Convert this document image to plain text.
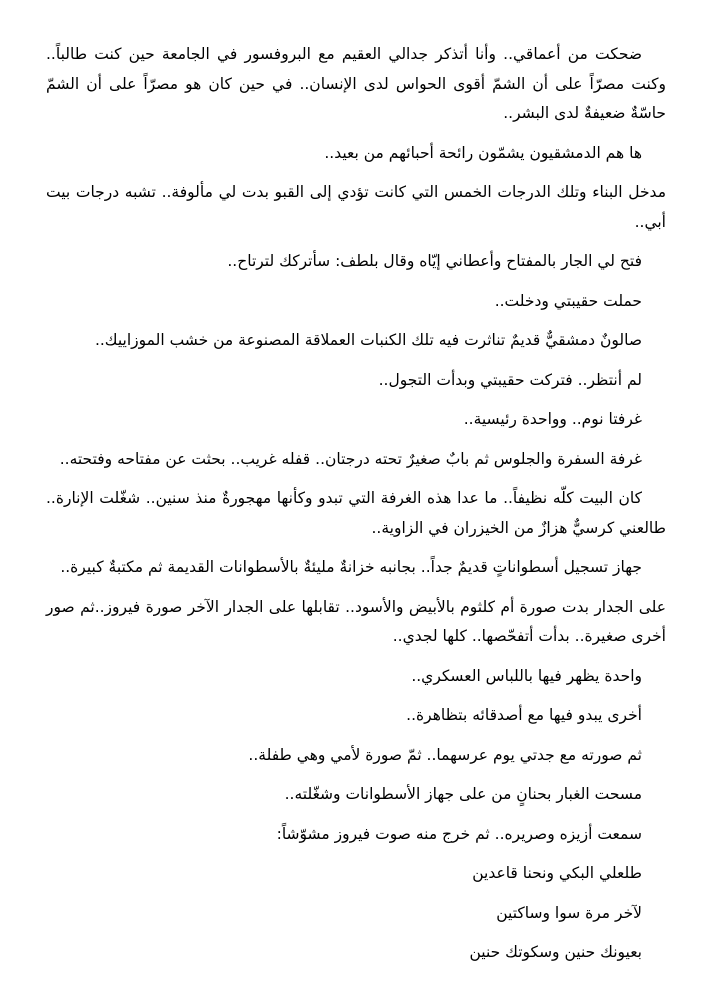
ضحكت من أعماقي.. وأنا أتذكر جدالي العقيم مع البروفسور في الجامعة حين كنت طالباً.. وكنت مصرّاً على أن الشمّ أقوى الحواس لدى الإنسان.. في حين كان هو مصرّاً على أن الشمّ حاسّةٌ ضعيفةٌ لدى البشر..

ها هم الدمشقيون يشمّون رائحة أحبائهم من بعيد..

مدخل البناء وتلك الدرجات الخمس التي كانت تؤدي إلى القبو بدت لي مألوفة.. تشبه درجات بيت أبي..

فتح لي الجار بالمفتاح وأعطاني إيّاه وقال بلطف: سأتركك لترتاح..

حملت حقيبتي ودخلت..

صالونٌ دمشقيٌّ قديمٌ تناثرت فيه تلك الكنبات العملاقة المصنوعة من خشب الموزاييك..

لم أنتظر.. فتركت حقيبتي وبدأت التجول..

غرفتا نوم.. وواحدة رئيسية..

غرفة السفرة والجلوس ثم بابٌ صغيرٌ تحته درجتان.. قفله غريب.. بحثت عن مفتاحه وفتحته..

كان البيت كلّه نظيفاً.. ما عدا هذه الغرفة التي تبدو وكأنها مهجورةٌ منذ سنين.. شغّلت الإنارة.. طالعني كرسيٌّ هزازٌ من الخيزران في الزاوية..

جهاز تسجيل أسطواناتٍ قديمٌ جداً.. بجانبه خزانةٌ مليئةٌ بالأسطوانات القديمة ثم مكتبةٌ كبيرة..

على الجدار بدت صورة أم كلثوم بالأبيض والأسود.. تقابلها على الجدار الآخر صورة فيروز..ثم صور أخرى صغيرة.. بدأت أتفحّصها.. كلها لجدي..

واحدة يظهر فيها باللباس العسكري..

أخرى يبدو فيها مع أصدقائه بتظاهرة..

ثم صورته مع جدتي يوم عرسهما.. ثمّ صورة لأمي وهي طفلة..

مسحت الغبار بحنانٍ من على جهاز الأسطوانات وشغّلته..

سمعت أزيزه وصريره.. ثم خرج منه صوت فيروز مشوّشاً:

طلعلي البكي ونحنا قاعدين

لآخر مرة سوا وساكتين

بعيونك حنين وسكوتك حنين
